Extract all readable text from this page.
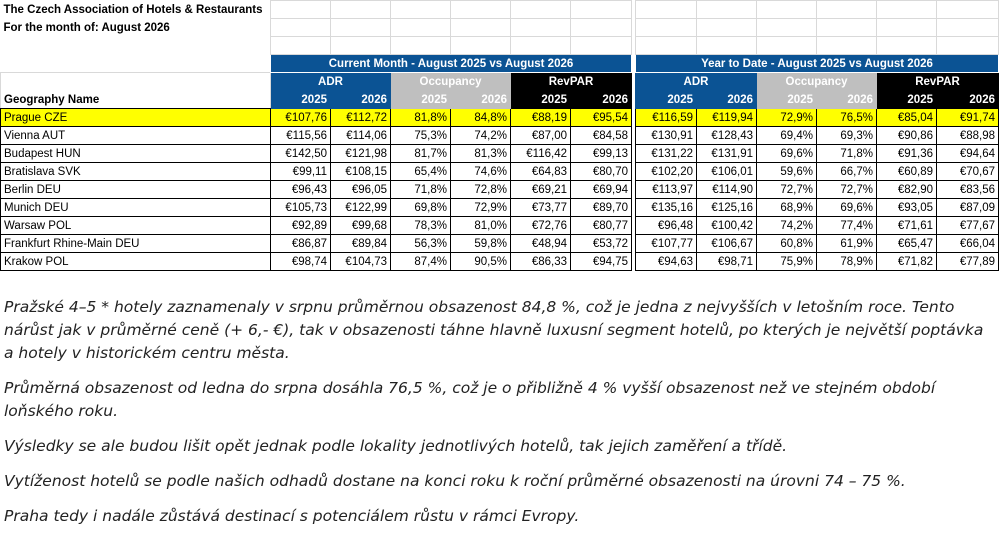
The Czech Association of Hotels & Restaurants													
For the month of: August 2026													

	Current Month - August 2025 vs August 2026							Year to Date - August 2025 vs August 2026					
Geography Name	ADR		Occupancy		RevPAR			ADR		Occupancy		RevPAR	
	2025	2026	2025	2026	2025	2026		2025	2026	2025	2026	2025	2026
Prague CZE	€107,76	€112,72	81,8%	84,8%	€88,19	€95,54		€116,59	€119,94	72,9%	76,5%	€85,04	€91,74
Vienna AUT	€115,56	€114,06	75,3%	74,2%	€87,00	€84,58		€130,91	€128,43	69,4%	69,3%	€90,86	€88,98
Budapest HUN	€142,50	€121,98	81,7%	81,3%	€116,42	€99,13		€131,22	€131,91	69,6%	71,8%	€91,36	€94,64
Bratislava SVK	€99,11	€108,15	65,4%	74,6%	€64,83	€80,70		€102,20	€106,01	59,6%	66,7%	€60,89	€70,67
Berlin DEU	€96,43	€96,05	71,8%	72,8%	€69,21	€69,94		€113,97	€114,90	72,7%	72,7%	€82,90	€83,56
Munich DEU	€105,73	€122,99	69,8%	72,9%	€73,77	€89,70		€135,16	€125,16	68,9%	69,6%	€93,05	€87,09
Warsaw POL	€92,89	€99,68	78,3%	81,0%	€72,76	€80,77		€96,48	€100,42	74,2%	77,4%	€71,61	€77,67
Frankfurt Rhine-Main DEU	€86,87	€89,84	56,3%	59,8%	€48,94	€53,72		€107,77	€106,67	60,8%	61,9%	€65,47	€66,04
Krakow POL	€98,74	€104,73	87,4%	90,5%	€86,33	€94,75		€94,63	€98,71	75,9%	78,9%	€71,82	€77,89

Pražské 4–5 * hotely zaznamenaly v srpnu průměrnou obsazenost 84,8 %, což je jedna z nejvyšších v letošním roce. Tento nárůst jak v průměrné ceně (+ 6,- €), tak v obsazenosti táhne hlavně luxusní segment hotelů, po kterých je největší poptávka a hotely v historickém centru města.

Průměrná obsazenost od ledna do srpna dosáhla 76,5 %, což je o přibližně 4 % vyšší obsazenost než ve stejném období loňského roku.

Výsledky se ale budou lišit opět jednak podle lokality jednotlivých hotelů, tak jejich zaměření a třídě.

Vytíženost hotelů se podle našich odhadů dostane na konci roku k roční průměrné obsazenosti na úrovni 74 – 75 %.

Praha tedy i nadále zůstává destinací s potenciálem růstu v rámci Evropy.
